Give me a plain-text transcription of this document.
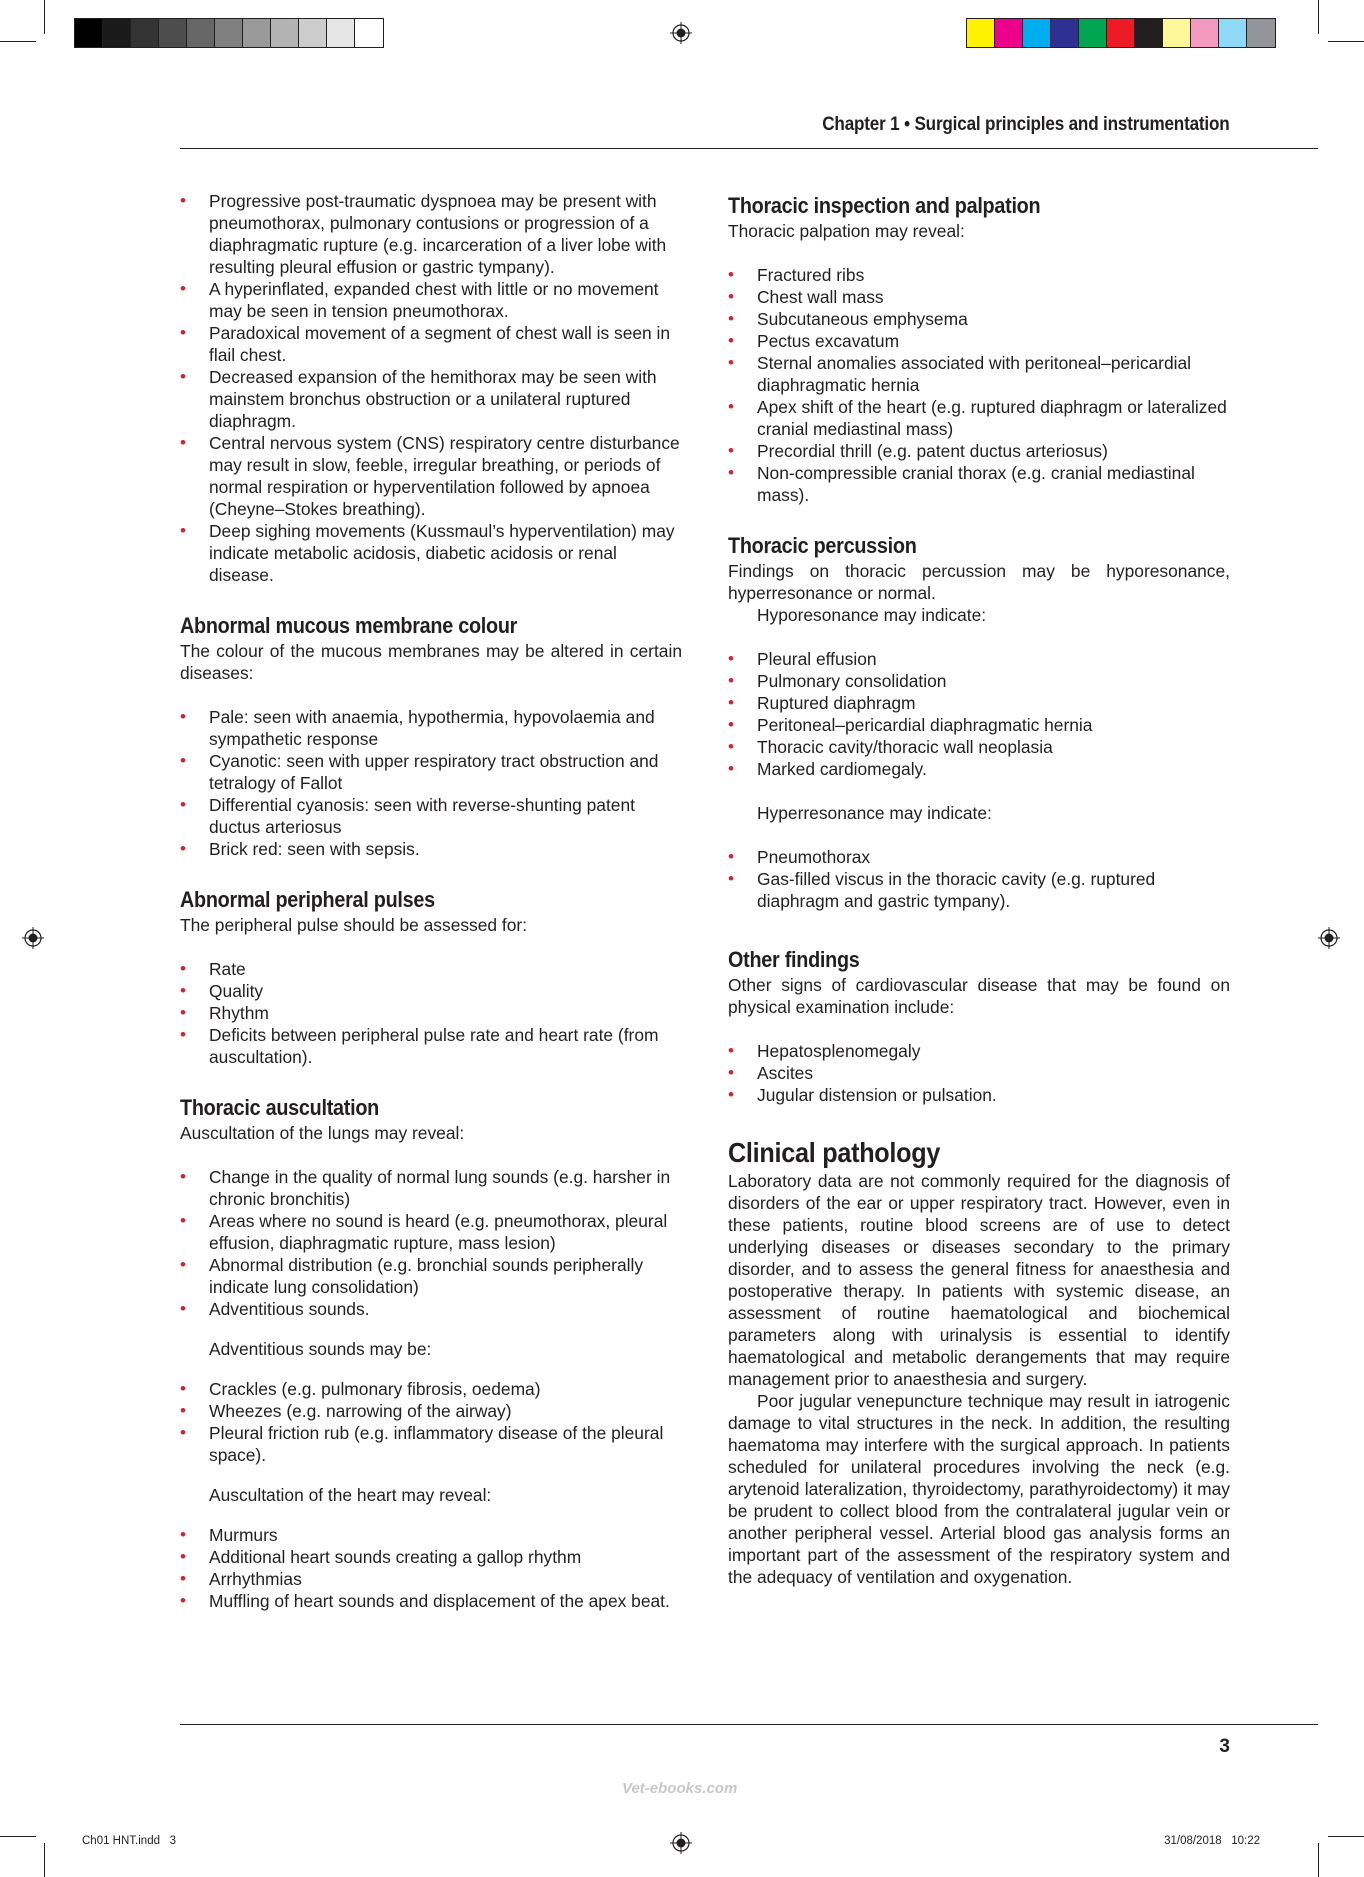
Chapter 1 • Surgical principles and instrumentation
• Progressive post-traumatic dyspnoea may be present with pneumothorax, pulmonary contusions or progression of a diaphragmatic rupture (e.g. incarceration of a liver lobe with resulting pleural effusion or gastric tympany).
• A hyperinflated, expanded chest with little or no movement may be seen in tension pneumothorax.
• Paradoxical movement of a segment of chest wall is seen in flail chest.
• Decreased expansion of the hemithorax may be seen with mainstem bronchus obstruction or a unilateral ruptured diaphragm.
• Central nervous system (CNS) respiratory centre disturbance may result in slow, feeble, irregular breathing, or periods of normal respiration or hyperventilation followed by apnoea (Cheyne–Stokes breathing).
• Deep sighing movements (Kussmaul’s hyperventilation) may indicate metabolic acidosis, diabetic acidosis or renal disease.
Abnormal mucous membrane colour

The colour of the mucous membranes may be altered in certain diseases:

• Pale: seen with anaemia, hypothermia, hypovolaemia and sympathetic response
• Cyanotic: seen with upper respiratory tract obstruction and tetralogy of Fallot
• Differential cyanosis: seen with reverse-shunting patent ductus arteriosus
• Brick red: seen with sepsis.
Abnormal peripheral pulses

The peripheral pulse should be assessed for:

• Rate
• Quality
• Rhythm
• Deficits between peripheral pulse rate and heart rate (from auscultation).
Thoracic auscultation

Auscultation of the lungs may reveal:

• Change in the quality of normal lung sounds (e.g. harsher in chronic bronchitis)
• Areas where no sound is heard (e.g. pneumothorax, pleural effusion, diaphragmatic rupture, mass lesion)
• Abnormal distribution (e.g. bronchial sounds peripherally indicate lung consolidation)
• Adventitious sounds.

Adventitious sounds may be:

• Crackles (e.g. pulmonary fibrosis, oedema)
• Wheezes (e.g. narrowing of the airway)
• Pleural friction rub (e.g. inflammatory disease of the pleural space).

Auscultation of the heart may reveal:

• Murmurs
• Additional heart sounds creating a gallop rhythm
• Arrhythmias
• Muffling of heart sounds and displacement of the apex beat.
Thoracic inspection and palpation

Thoracic palpation may reveal:

• Fractured ribs
• Chest wall mass
• Subcutaneous emphysema
• Pectus excavatum
• Sternal anomalies associated with peritoneal–pericardial diaphragmatic hernia
• Apex shift of the heart (e.g. ruptured diaphragm or lateralized cranial mediastinal mass)
• Precordial thrill (e.g. patent ductus arteriosus)
• Non-compressible cranial thorax (e.g. cranial mediastinal mass).
Thoracic percussion

Findings on thoracic percussion may be hyporesonance, hyperresonance or normal.

Hyporesonance may indicate:

• Pleural effusion
• Pulmonary consolidation
• Ruptured diaphragm
• Peritoneal–pericardial diaphragmatic hernia
• Thoracic cavity/thoracic wall neoplasia
• Marked cardiomegaly.

Hyperresonance may indicate:

• Pneumothorax
• Gas-filled viscus in the thoracic cavity (e.g. ruptured diaphragm and gastric tympany).
Other findings

Other signs of cardiovascular disease that may be found on physical examination include:

• Hepatosplenomegaly
• Ascites
• Jugular distension or pulsation.
Clinical pathology

Laboratory data are not commonly required for the diagnosis of disorders of the ear or upper respiratory tract. However, even in these patients, routine blood screens are of use to detect underlying diseases or diseases secondary to the primary disorder, and to assess the general fitness for anaesthesia and postoperative therapy. In patients with systemic disease, an assessment of routine haematological and biochemical parameters along with urinalysis is essential to identify haematological and metabolic derangements that may require management prior to anaesthesia and surgery.

Poor jugular venepuncture technique may result in iatrogenic damage to vital structures in the neck. In addition, the resulting haematoma may interfere with the surgical approach. In patients scheduled for unilateral procedures involving the neck (e.g. arytenoid lateralization, thyroidectomy, parathyroidectomy) it may be prudent to collect blood from the contralateral jugular vein or another peripheral vessel. Arterial blood gas analysis forms an important part of the assessment of the respiratory system and the adequacy of ventilation and oxygenation.

3
Vet-ebooks.com
Ch01 HNT.indd   3	31/08/2018   10:22
